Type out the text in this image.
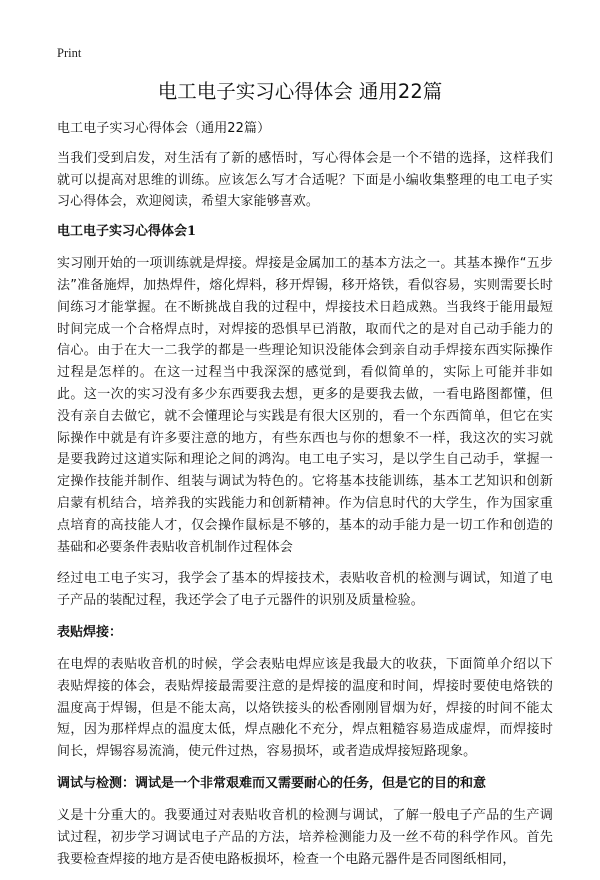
Print
电工电子实习心得体会 通用22篇

电工电子实习心得体会（通用22篇）

当我们受到启发，对生活有了新的感悟时，写心得体会是一个不错的选择，这样我们就可以提高对思维的训练。应该怎么写才合适呢？下面是小编收集整理的电工电子实习心得体会，欢迎阅读，希望大家能够喜欢。

电工电子实习心得体会1

实习刚开始的一项训练就是焊接。焊接是金属加工的基本方法之一。其基本操作“五步法”准备施焊，加热焊件，熔化焊料，移开焊锡，移开烙铁，看似容易，实则需要长时间练习才能掌握。在不断挑战自我的过程中，焊接技术日趋成熟。当我终于能用最短时间完成一个合格焊点时，对焊接的恐惧早已消散，取而代之的是对自己动手能力的信心。由于在大一二我学的都是一些理论知识没能体会到亲自动手焊接东西实际操作过程是怎样的。在这一过程当中我深深的感觉到，看似简单的，实际上可能并非如此。这一次的实习没有多少东西要我去想，更多的是要我去做，一看电路图都懂，但没有亲自去做它，就不会懂理论与实践是有很大区别的，看一个东西简单，但它在实际操作中就是有许多要注意的地方，有些东西也与你的想象不一样，我这次的实习就是要我跨过这道实际和理论之间的鸿沟。电工电子实习，是以学生自己动手，掌握一定操作技能并制作、组装与调试为特色的。它将基本技能训练，基本工艺知识和创新启蒙有机结合，培养我的实践能力和创新精神。作为信息时代的大学生，作为国家重点培育的高技能人才，仅会操作鼠标是不够的，基本的动手能力是一切工作和创造的基础和必要条件表贴收音机制作过程体会

经过电工电子实习，我学会了基本的焊接技术，表贴收音机的检测与调试，知道了电子产品的装配过程，我还学会了电子元器件的识别及质量检验。

表贴焊接：

在电焊的表贴收音机的时候，学会表贴电焊应该是我最大的收获，下面简单介绍以下表贴焊接的体会，表贴焊接最需要注意的是焊接的温度和时间，焊接时要使电烙铁的温度高于焊锡，但是不能太高，以烙铁接头的松香刚刚冒烟为好，焊接的时间不能太短，因为那样焊点的温度太低，焊点融化不充分，焊点粗糙容易造成虚焊，而焊接时间长，焊锡容易流淌，使元件过热，容易损坏，或者造成焊接短路现象。

调试与检测：调试是一个非常艰难而又需要耐心的任务，但是它的目的和意

义是十分重大的。我要通过对表贴收音机的检测与调试，了解一般电子产品的生产调试过程，初步学习调试电子产品的方法，培养检测能力及一丝不苟的科学作风。首先我要检查焊接的地方是否使电路板损坏，检查一个电路元器件是否同图纸相同，
